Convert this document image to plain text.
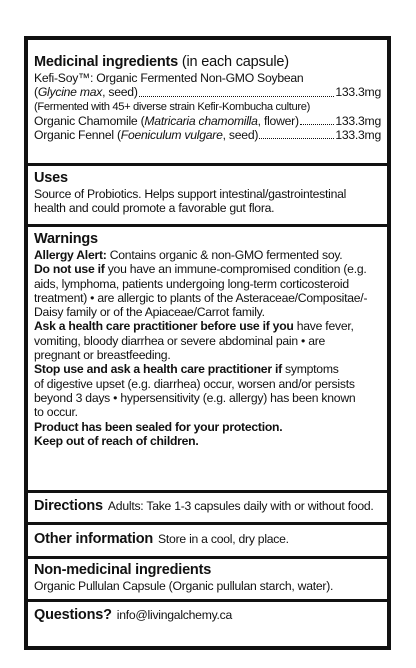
Medicinal ingredients (in each capsule)
Kefi-Soy™: Organic Fermented Non-GMO Soybean
(Glycine max, seed)	133.3mg
(Fermented with 45+ diverse strain Kefir-Kombucha culture)
Organic Chamomile (Matricaria chamomilla, flower)	133.3mg
Organic Fennel (Foeniculum vulgare, seed)	133.3mg
Uses
Source of Probiotics. Helps support intestinal/gastrointestinal
health and could promote a favorable gut flora.
Warnings
Allergy Alert: Contains organic & non-GMO fermented soy.
Do not use if you have an immune-compromised condition (e.g.
aids, lymphoma, patients undergoing long-term corticosteroid
treatment) • are allergic to plants of the Asteraceae/Compositae/-
Daisy family or of the Apiaceae/Carrot family.
Ask a health care practitioner before use if you have fever,
vomiting, bloody diarrhea or severe abdominal pain • are
pregnant or breastfeeding.
Stop use and ask a health care practitioner if symptoms
of digestive upset (e.g. diarrhea) occur, worsen and/or persists
beyond 3 days • hypersensitivity (e.g. allergy) has been known
to occur.
Product has been sealed for your protection.
Keep out of reach of children.
Directions Adults: Take 1-3 capsules daily with or without food.
Other information Store in a cool, dry place.
Non-medicinal ingredients
Organic Pullulan Capsule (Organic pullulan starch, water).
Questions? info@livingalchemy.ca
